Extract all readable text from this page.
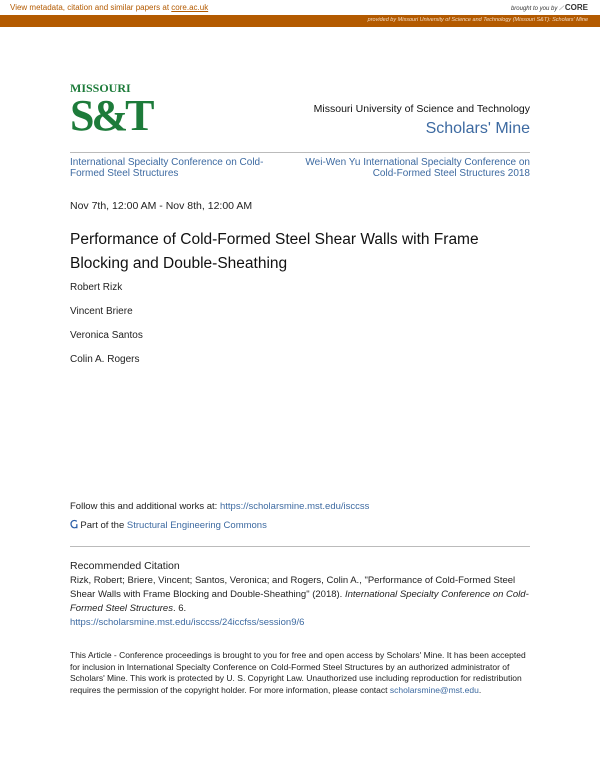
View metadata, citation and similar papers at core.ac.uk	brought to you by ⟋ CORE
provided by Missouri University of Science and Technology (Missouri S&T): Scholars' Mine
MISSOURI
S&T	Missouri University of Science and Technology
Scholars' Mine
International Specialty Conference on Cold-Formed Steel Structures
Wei-Wen Yu International Specialty Conference on Cold-Formed Steel Structures 2018
Nov 7th, 12:00 AM - Nov 8th, 12:00 AM
Performance of Cold-Formed Steel Shear Walls with Frame Blocking and Double-Sheathing
Robert Rizk
Vincent Briere
Veronica Santos
Colin A. Rogers
Follow this and additional works at: https://scholarsmine.mst.edu/isccss
Ⴚ Part of the Structural Engineering Commons
Recommended Citation
Rizk, Robert; Briere, Vincent; Santos, Veronica; and Rogers, Colin A., "Performance of Cold-Formed Steel Shear Walls with Frame Blocking and Double-Sheathing" (2018). International Specialty Conference on Cold-Formed Steel Structures. 6.
https://scholarsmine.mst.edu/isccss/24iccfss/session9/6
This Article - Conference proceedings is brought to you for free and open access by Scholars' Mine. It has been accepted for inclusion in International Specialty Conference on Cold-Formed Steel Structures by an authorized administrator of Scholars' Mine. This work is protected by U. S. Copyright Law. Unauthorized use including reproduction for redistribution requires the permission of the copyright holder. For more information, please contact scholarsmine@mst.edu.
